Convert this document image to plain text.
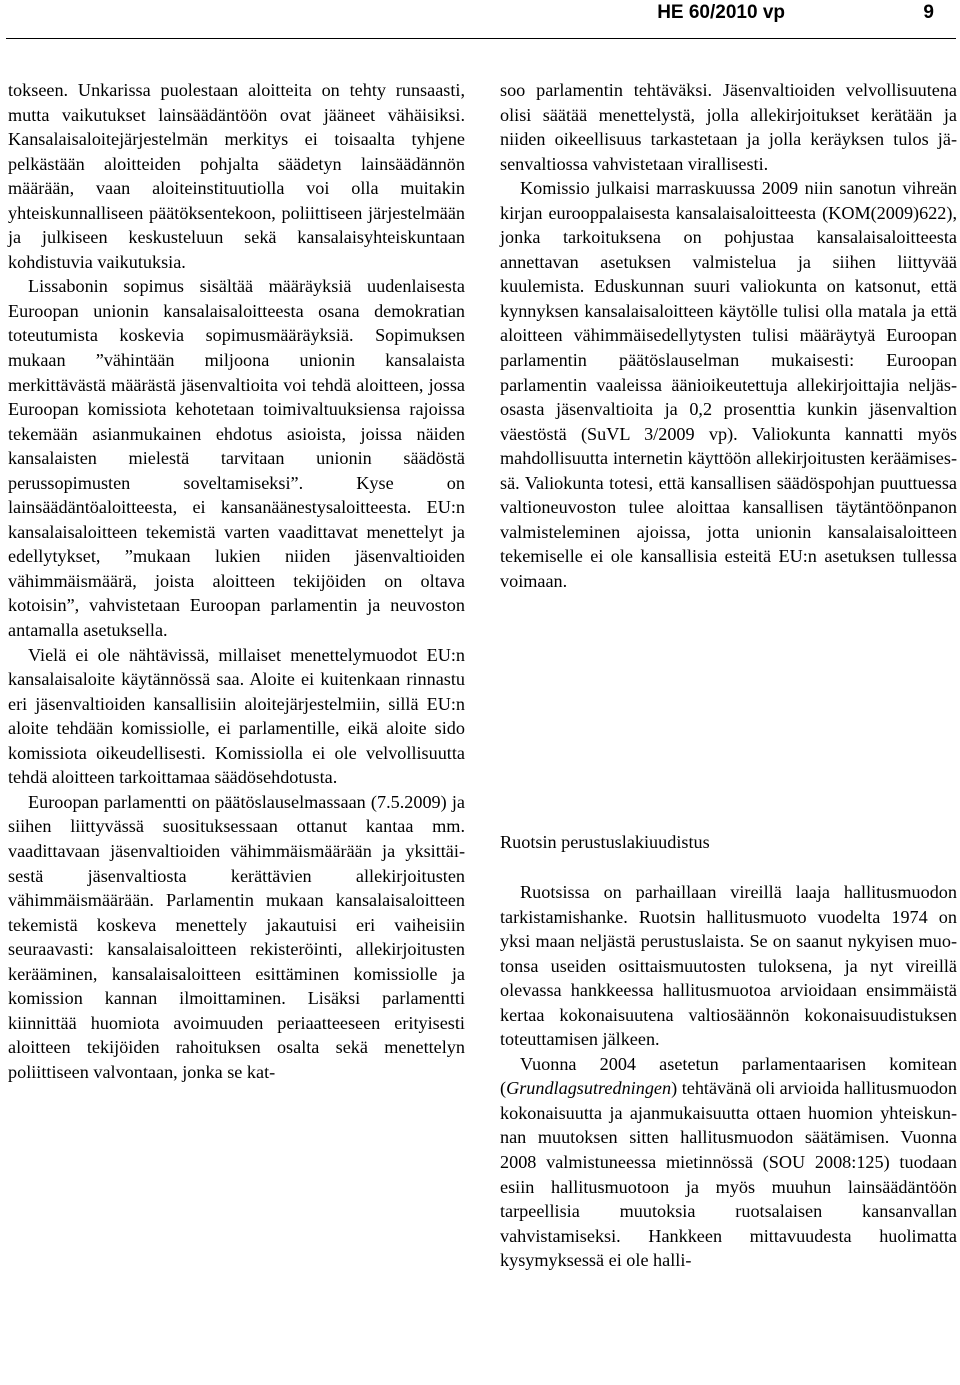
HE 60/2010 vp	9

tokseen. Unkarissa puolestaan aloitteita on tehty runsaasti, mutta vaikutukset lainsäädäntöön ovat jääneet vähäisiksi. Kansalaisaloitejärjestelmän merkitys ei toisaalta tyhjene pelkästään aloitteiden pohjalta säädetyn lainsäädännön määrään, vaan aloiteinstituutiolla voi olla muitakin yhteiskunnalliseen päätöksentekoon, poliittiseen järjestelmään ja julkiseen keskusteluun sekä kansalaisyhteiskuntaan kohdistuvia vaikutuksia.

Lissabonin sopimus sisältää määräyksiä uudenlaisesta Euroopan unionin kansalaisaloitteesta osana demokratian toteutumista koskevia sopimusmääräyksiä. Sopimuksen mukaan ”vähintään miljoona unionin kansalaista merkittävästä määrästä jäsenvaltioita voi tehdä aloitteen, jossa Euroopan komissiota kehotetaan toimivaltuuksiensa rajoissa tekemään asianmukainen ehdotus asioista, joissa näiden kansalaisten mielestä tarvitaan unionin säädöstä perussopimusten soveltamiseksi”. Kyse on lainsäädäntöaloitteesta, ei kansanäänestysaloitteesta. EU:n kansalaisaloitteen tekemistä varten vaadittavat menettelyt ja edellytykset, ”mukaan lukien niiden jäsenvaltioiden vähimmäismäärä, joista aloitteen tekijöiden on oltava kotoisin”, vahvistetaan Euroopan parlamentin ja neuvoston antamalla asetuksella.

Vielä ei ole nähtävissä, millaiset menettelymuodot EU:n kansalaisaloite käytännössä saa. Aloite ei kuitenkaan rinnastu eri jäsenvaltioiden kansallisiin aloitejärjestelmiin, sillä EU:n aloite tehdään komissiolle, ei parlamentille, eikä aloite sido komissiota oikeudellisesti. Komissiolla ei ole velvollisuutta tehdä aloitteen tarkoittamaa säädösehdotusta.

Euroopan parlamentti on päätöslauselmassaan (7.5.2009) ja siihen liittyvässä suosituksessaan ottanut kantaa mm. vaadittavaan jäsenvaltioiden vähimmäismäärään ja yksittäisestä jäsenvaltiosta kerättävien allekirjoitusten vähimmäismäärään. Parlamentin mukaan kansalaisaloitteen tekemistä koskeva menettely jakautuisi eri vaiheisiin seuraavasti: kansalaisaloitteen rekisteröinti, allekirjoitusten kerääminen, kansalaisaloitteen esittäminen komissiolle ja komission kannan ilmoittaminen. Lisäksi parlamentti kiinnittää huomiota avoimuuden periaatteeseen erityisesti aloitteen tekijöiden rahoituksen osalta sekä menettelyn poliittiseen valvontaan, jonka se kat-

soo parlamentin tehtäväksi. Jäsenvaltioiden velvollisuutena olisi säätää menettelystä, jolla allekirjoitukset kerätään ja niiden oikeellisuus tarkastetaan ja jolla keräyksen tulos jäsenvaltiossa vahvistetaan virallisesti.

Komissio julkaisi marraskuussa 2009 niin sanotun vihreän kirjan eurooppalaisesta kansalaisaloitteesta (KOM(2009)622), jonka tarkoituksena on pohjustaa kansalaisaloitteesta annettavan asetuksen valmistelua ja siihen liittyvää kuulemista. Eduskunnan suuri valiokunta on katsonut, että kynnyksen kansalaisaloitteen käytölle tulisi olla matala ja että aloitteen vähimmäisedellytysten tulisi määräytyä Euroopan parlamentin päätöslauselman mukaisesti: Euroopan parlamentin vaaleissa äänioikeutettuja allekirjoittajia neljäsosasta jäsenvaltioita ja 0,2 prosenttia kunkin jäsenvaltion väestöstä (SuVL 3/2009 vp). Valiokunta kannatti myös mahdollisuutta internetin käyttöön allekirjoitusten keräämisessä. Valiokunta totesi, että kansallisen säädöspohjan puuttuessa valtioneuvoston tulee aloittaa kansallisen täytäntöönpanon valmisteleminen ajoissa, jotta unionin kansalaisaloitteen tekemiselle ei ole kansallisia esteitä EU:n asetuksen tullessa voimaan.

Ruotsin perustuslakiuudistus

Ruotsissa on parhaillaan vireillä laaja hallitusmuodon tarkistamishanke. Ruotsin hallitusmuoto vuodelta 1974 on yksi maan neljästä perustuslaista. Se on saanut nykyisen muotonsa useiden osittaismuutosten tuloksena, ja nyt vireillä olevassa hankkeessa hallitusmuotoa arvioidaan ensimmäistä kertaa kokonaisuutena valtiosäännön kokonaisuudistuksen toteuttamisen jälkeen.

Vuonna 2004 asetetun parlamentaarisen komitean (Grundlagsutredningen) tehtävänä oli arvioida hallitusmuodon kokonaisuutta ja ajanmukaisuutta ottaen huomion yhteiskunnan muutoksen sitten hallitusmuodon säätämisen. Vuonna 2008 valmistuneessa mietinnössä (SOU 2008:125) tuodaan esiin hallitusmuotoon ja myös muuhun lainsäädäntöön tarpeellisia muutoksia ruotsalaisen kansanvallan vahvistamiseksi. Hankkeen mittavuudesta huolimatta kysymyksessä ei ole halli-
